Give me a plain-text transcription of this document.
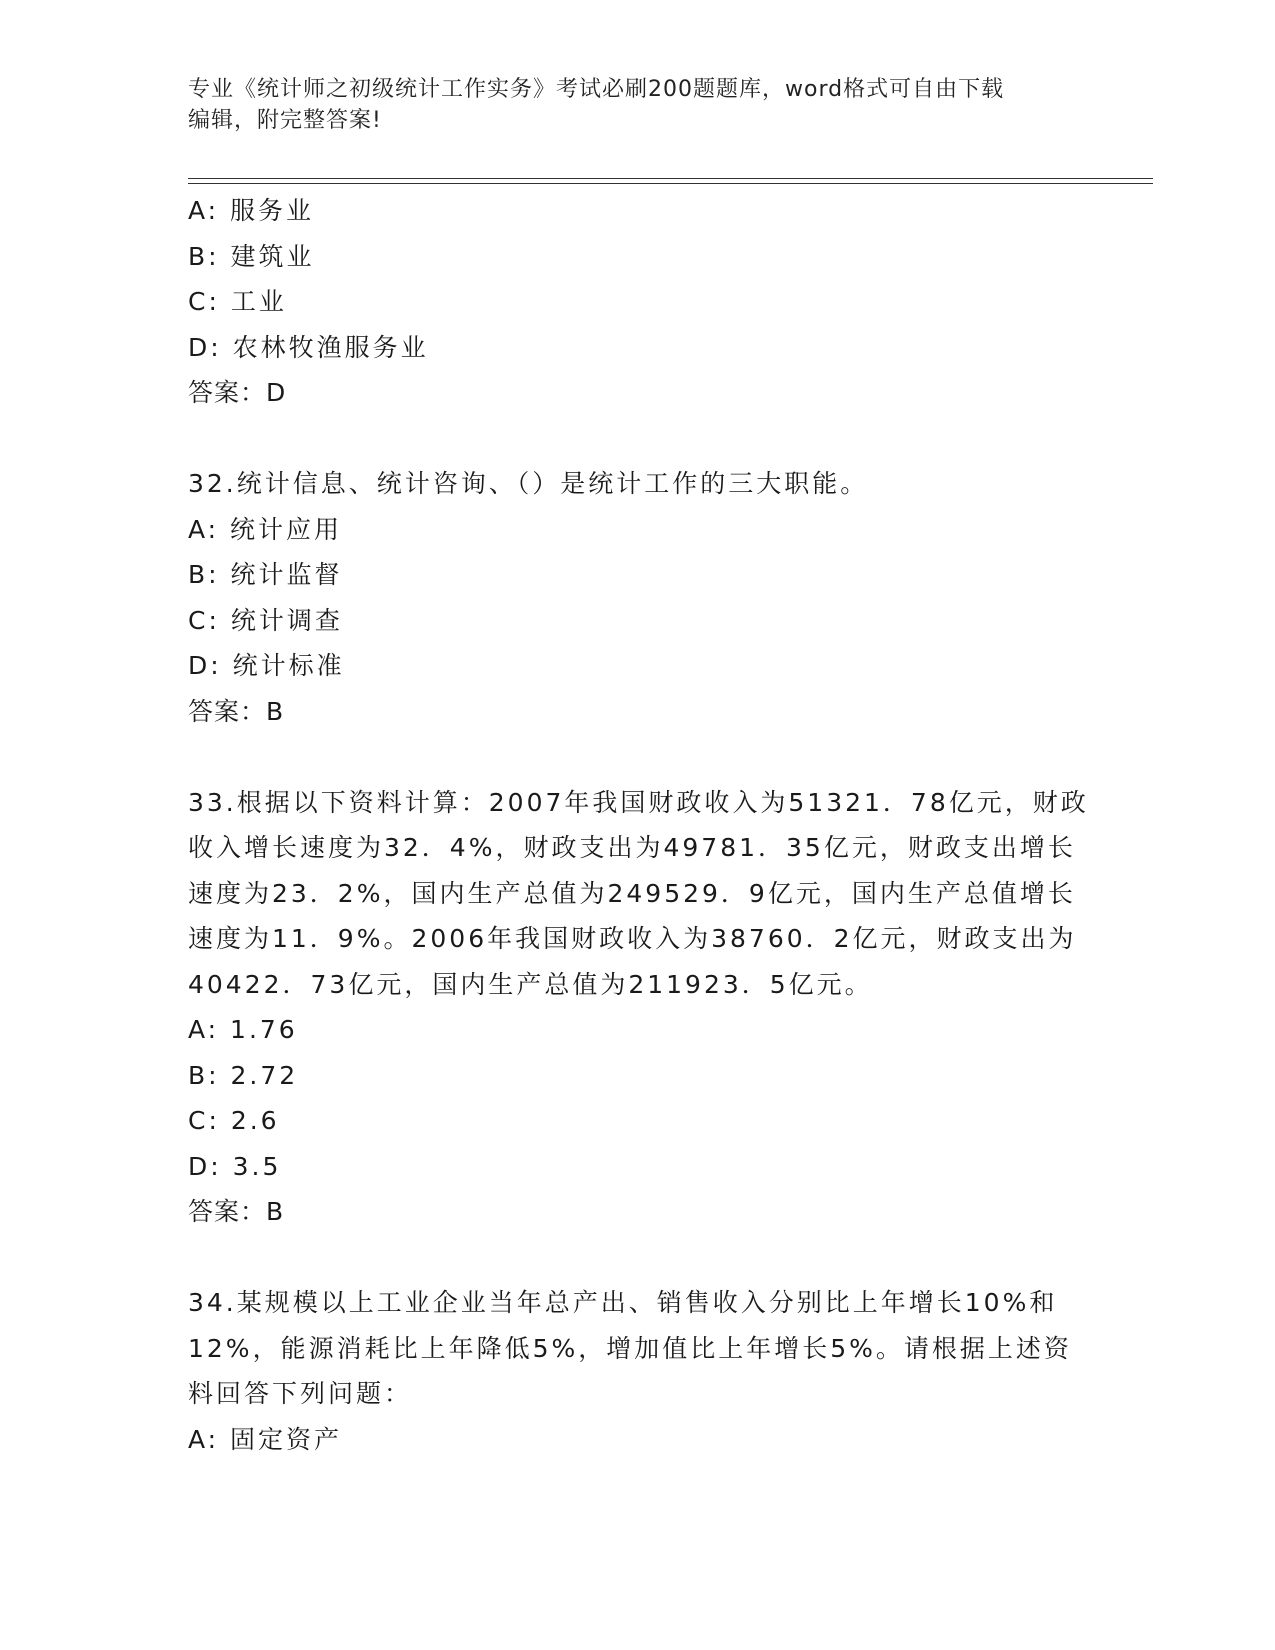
专业《统计师之初级统计工作实务》考试必刷200题题库，word格式可自由下载
编辑，附完整答案!
A: 服务业
B: 建筑业
C: 工业
D: 农林牧渔服务业
答案：D
32.统计信息、统计咨询、（）是统计工作的三大职能。
A: 统计应用
B: 统计监督
C: 统计调查
D: 统计标准
答案：B
33.根据以下资料计算：2007年我国财政收入为51321．78亿元，财政
收入增长速度为32．4%，财政支出为49781．35亿元，财政支出增长
速度为23．2%，国内生产总值为249529．9亿元，国内生产总值增长
速度为11．9%。2006年我国财政收入为38760．2亿元，财政支出为
40422．73亿元，国内生产总值为211923．5亿元。
A: 1.76
B: 2.72
C: 2.6
D: 3.5
答案：B
34.某规模以上工业企业当年总产出、销售收入分别比上年增长10%和
12%，能源消耗比上年降低5%，增加值比上年增长5%。请根据上述资
料回答下列问题：
A: 固定资产
